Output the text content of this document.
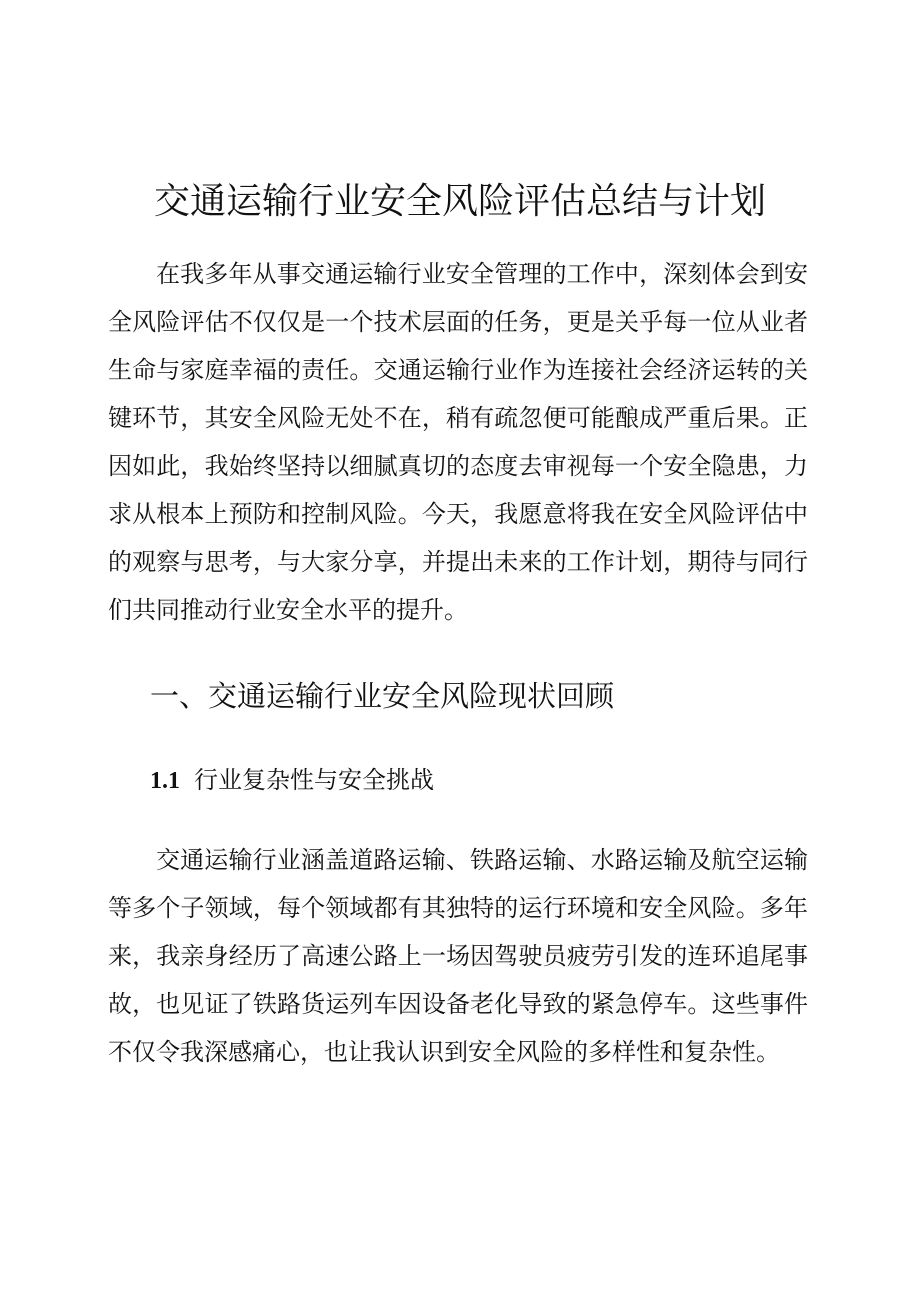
交通运输行业安全风险评估总结与计划

在我多年从事交通运输行业安全管理的工作中，深刻体会到安全风险评估不仅仅是一个技术层面的任务，更是关乎每一位从业者生命与家庭幸福的责任。交通运输行业作为连接社会经济运转的关键环节，其安全风险无处不在，稍有疏忽便可能酿成严重后果。正因如此，我始终坚持以细腻真切的态度去审视每一个安全隐患，力求从根本上预防和控制风险。今天，我愿意将我在安全风险评估中的观察与思考，与大家分享，并提出未来的工作计划，期待与同行们共同推动行业安全水平的提升。

一、交通运输行业安全风险现状回顾
1.1 行业复杂性与安全挑战

交通运输行业涵盖道路运输、铁路运输、水路运输及航空运输等多个子领域，每个领域都有其独特的运行环境和安全风险。多年来，我亲身经历了高速公路上一场因驾驶员疲劳引发的连环追尾事故，也见证了铁路货运列车因设备老化导致的紧急停车。这些事件不仅令我深感痛心，也让我认识到安全风险的多样性和复杂性。
